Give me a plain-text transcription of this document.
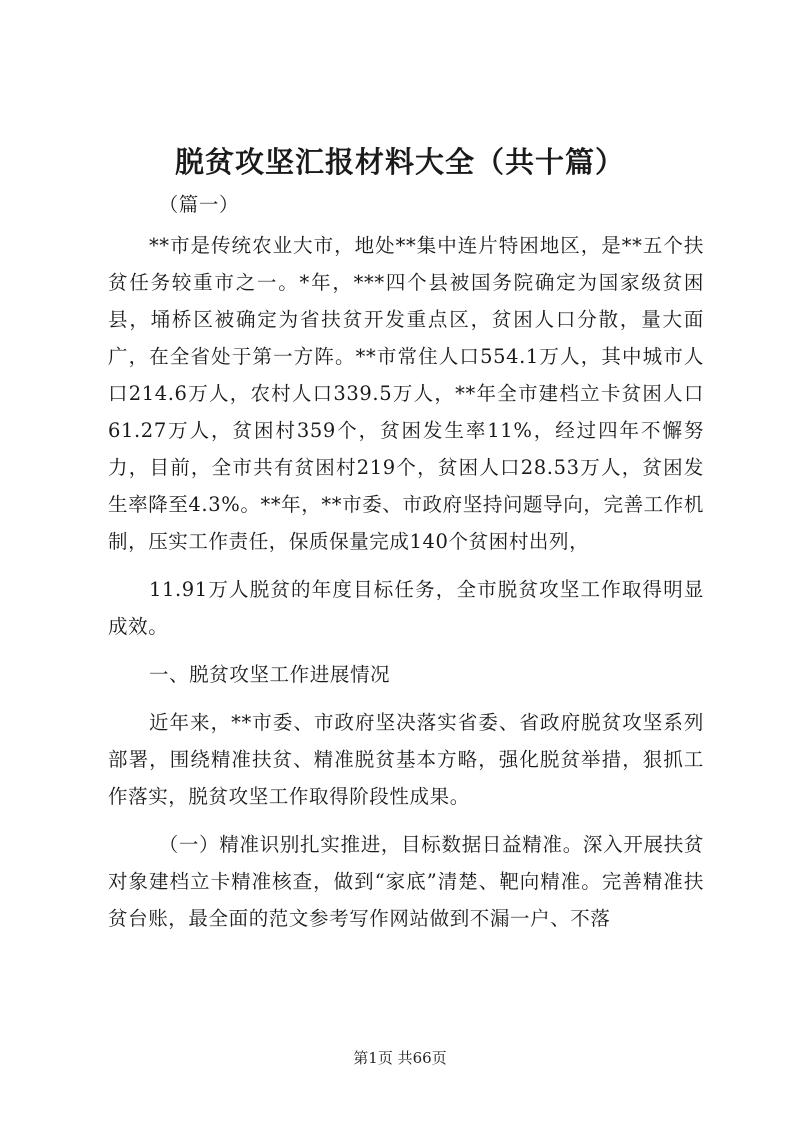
脱贫攻坚汇报材料大全（共十篇）

（篇一）

**市是传统农业大市，地处**集中连片特困地区，是**五个扶贫任务较重市之一。*年，***四个县被国务院确定为国家级贫困县，埇桥区被确定为省扶贫开发重点区，贫困人口分散，量大面广，在全省处于第一方阵。**市常住人口554.1万人，其中城市人口214.6万人，农村人口339.5万人，**年全市建档立卡贫困人口61.27万人，贫困村359个，贫困发生率11%，经过四年不懈努力，目前，全市共有贫困村219个，贫困人口28.53万人，贫困发生率降至4.3%。**年，**市委、市政府坚持问题导向，完善工作机制，压实工作责任，保质保量完成140个贫困村出列，

11.91万人脱贫的年度目标任务，全市脱贫攻坚工作取得明显成效。

一、脱贫攻坚工作进展情况

近年来，**市委、市政府坚决落实省委、省政府脱贫攻坚系列部署，围绕精准扶贫、精准脱贫基本方略，强化脱贫举措，狠抓工作落实，脱贫攻坚工作取得阶段性成果。

（一）精准识别扎实推进，目标数据日益精准。深入开展扶贫对象建档立卡精准核查，做到“家底”清楚、靶向精准。完善精准扶贫台账，最全面的范文参考写作网站做到不漏一户、不落

第1页 共66页
